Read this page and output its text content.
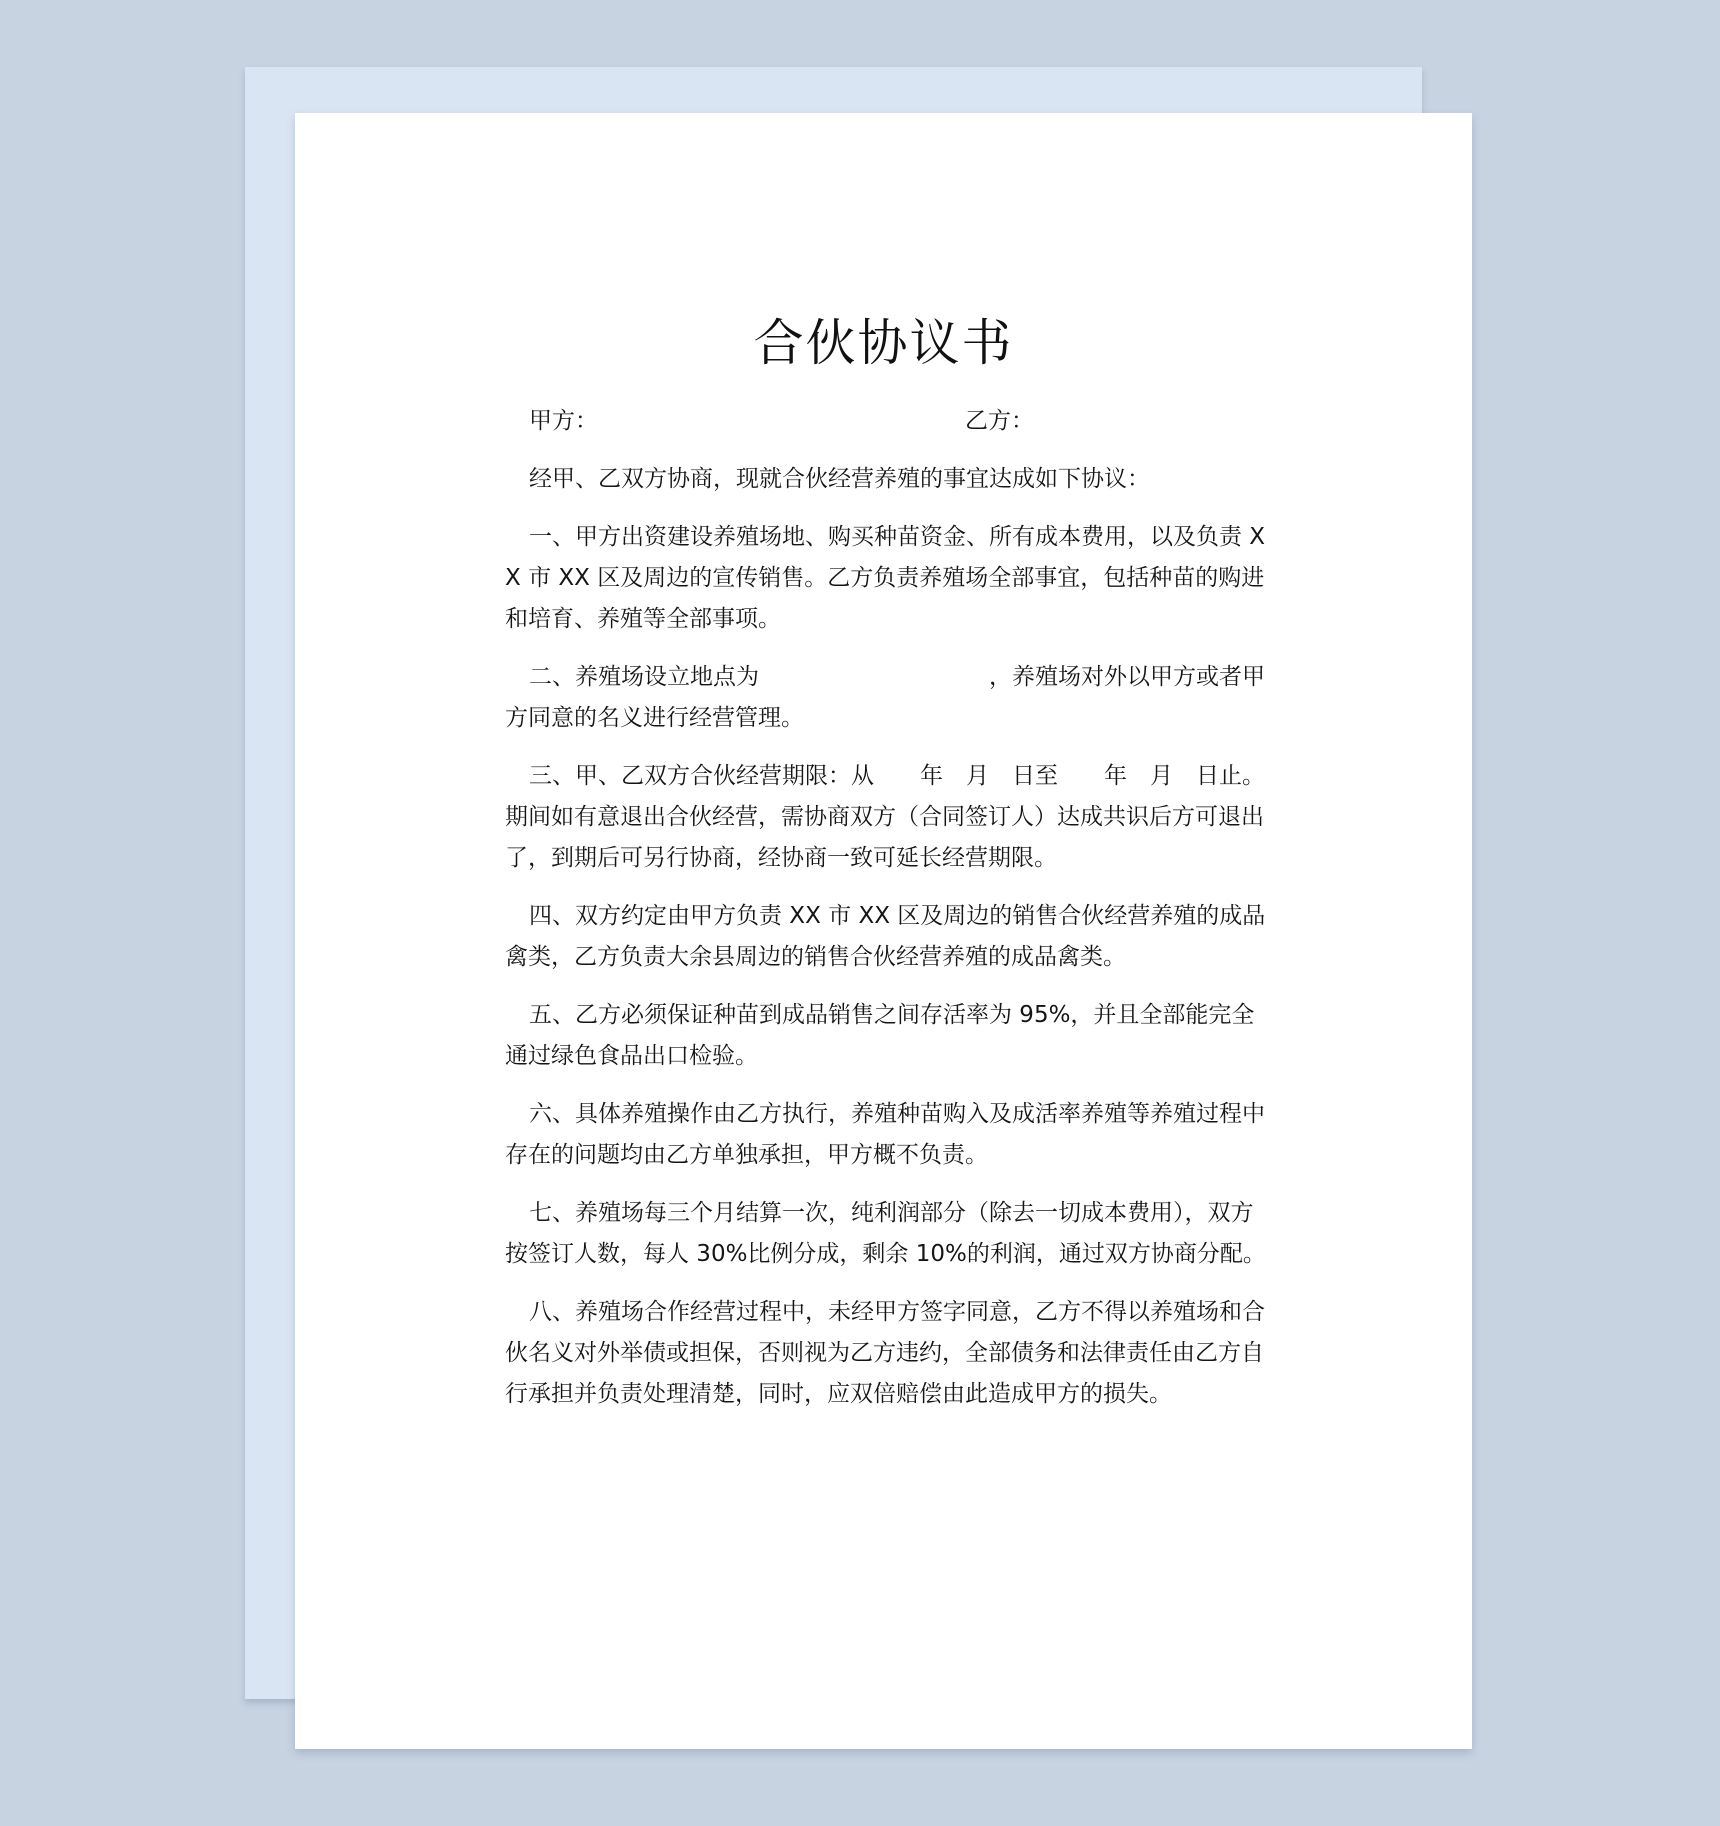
合伙协议书
甲方：	乙方：

经甲、乙双方协商，现就合伙经营养殖的事宜达成如下协议：

一、甲方出资建设养殖场地、购买种苗资金、所有成本费用，以及负责 XX 市 XX 区及周边的宣传销售。乙方负责养殖场全部事宜，包括种苗的购进和培育、养殖等全部事项。

二、养殖场设立地点为　　　　　　　　　　，养殖场对外以甲方或者甲方同意的名义进行经营管理。

三、甲、乙双方合伙经营期限：从　　年　月　日至　　年　月　日止。期间如有意退出合伙经营，需协商双方（合同签订人）达成共识后方可退出了，到期后可另行协商，经协商一致可延长经营期限。

四、双方约定由甲方负责 XX 市 XX 区及周边的销售合伙经营养殖的成品禽类，乙方负责大余县周边的销售合伙经营养殖的成品禽类。

五、乙方必须保证种苗到成品销售之间存活率为 95%，并且全部能完全通过绿色食品出口检验。

六、具体养殖操作由乙方执行，养殖种苗购入及成活率养殖等养殖过程中存在的问题均由乙方单独承担，甲方概不负责。

七、养殖场每三个月结算一次，纯利润部分（除去一切成本费用），双方按签订人数，每人 30%比例分成，剩余 10%的利润，通过双方协商分配。

八、养殖场合作经营过程中，未经甲方签字同意，乙方不得以养殖场和合伙名义对外举债或担保，否则视为乙方违约，全部债务和法律责任由乙方自行承担并负责处理清楚，同时，应双倍赔偿由此造成甲方的损失。
